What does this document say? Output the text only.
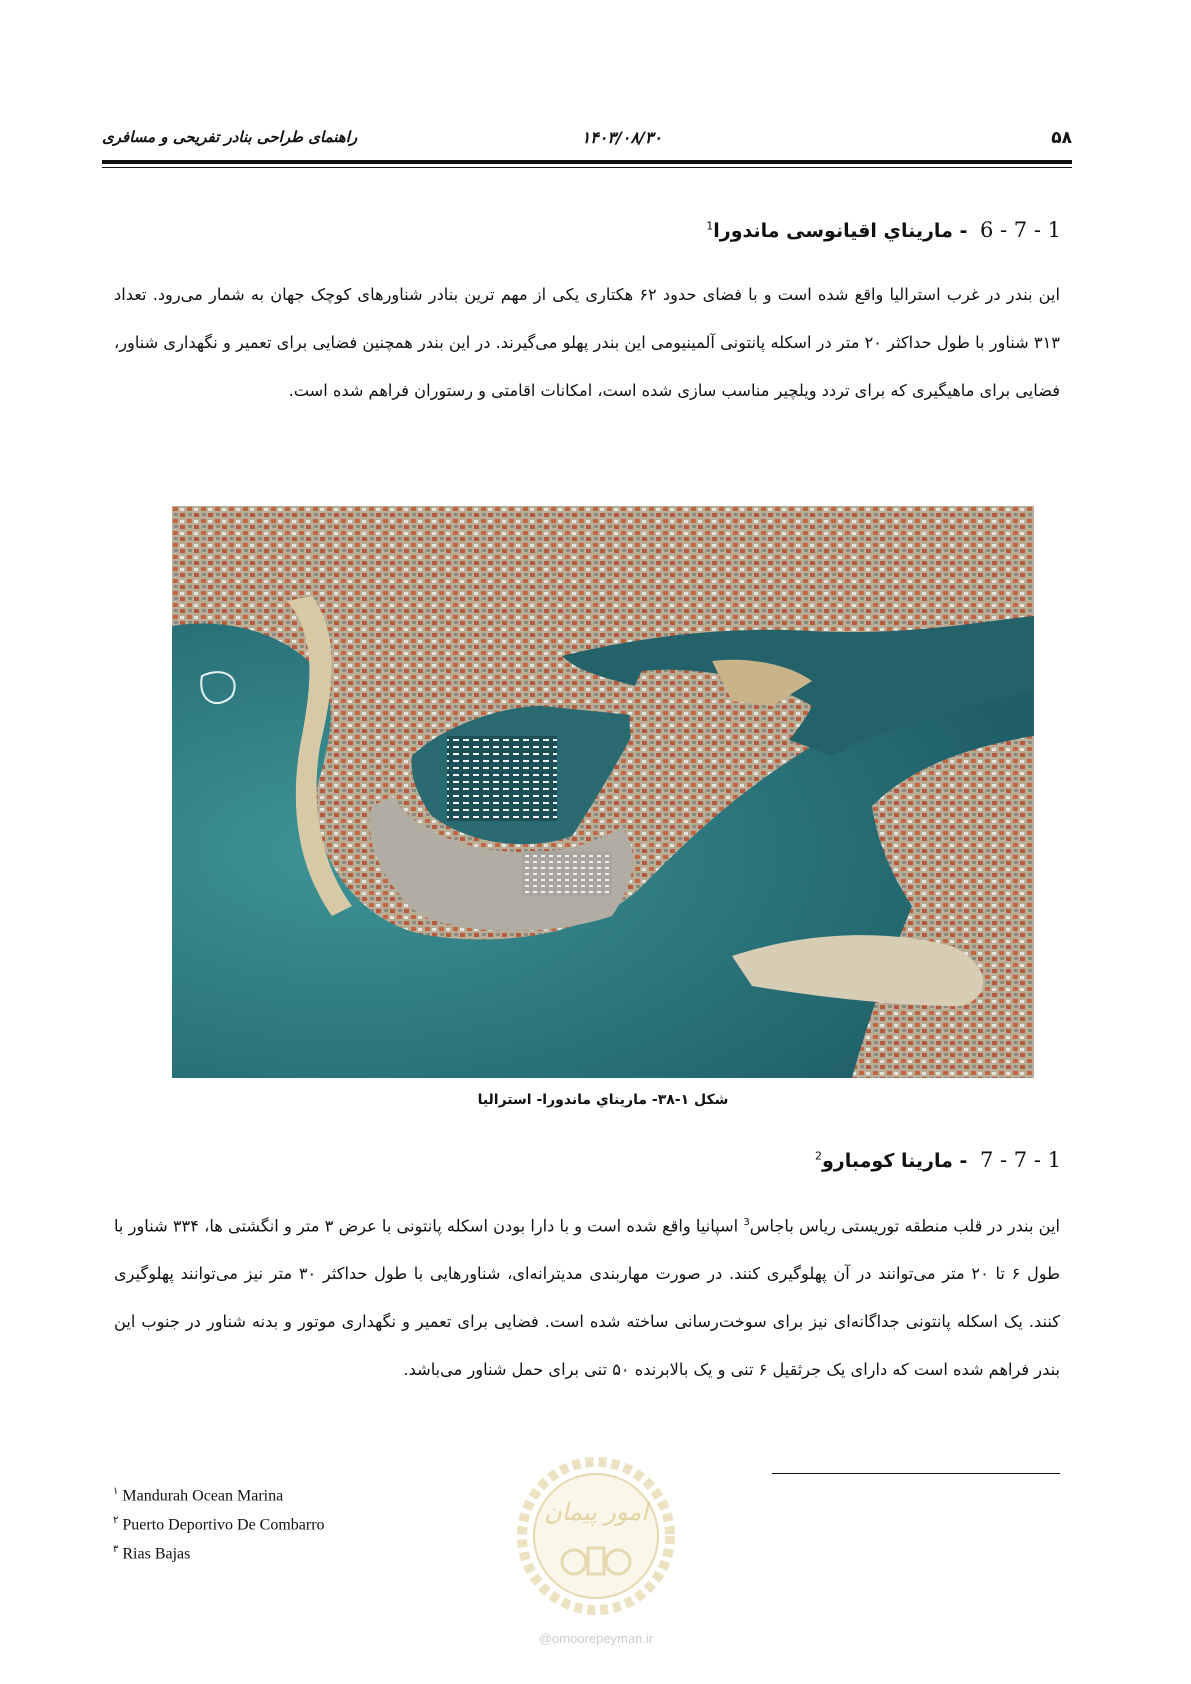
۵۸
۱۴۰۳/۰۸/۳۰
راهنمای طراحی بنادر تفریحی و مسافری
1 - 7 - 6 - ماریناي اقیانوسی ماندورا$^1$
این بندر در غرب استرالیا واقع شده است و با فضای حدود ۶۲ هکتاری یکی از مهم ترین بنادر شناورهای کوچک جهان به شمار می‌رود. تعداد ۳۱۳ شناور با طول حداکثر ۲۰ متر در اسکله پانتونی آلمینیومی این بندر پهلو می‌گیرند. در این بندر همچنین فضایی برای تعمیر و نگهداری شناور، فضایی برای ماهیگیری که برای تردد ویلچیر مناسب سازی شده است، امکانات اقامتی و رستوران فراهم شده است.
شکل ۱-۳۸- ماریناي ماندورا- استرالیا
1 - 7 - 7 - مارینا کومبارو$^2$
این بندر در قلب منطقه توریستی ریاس باجاس$^3$ اسپانیا واقع شده است و با دارا بودن اسکله پانتونی با عرض ۳ متر و انگشتی ها، ۳۳۴ شناور با طول ۶ تا ۲۰ متر می‌توانند در آن پهلوگیری کنند. در صورت مهاربندی مدیترانه‌ای، شناورهایی با طول حداکثر ۳۰ متر نیز می‌توانند پهلوگیری کنند. یک اسکله پانتونی جداگانه‌ای نیز برای سوخت‌رسانی ساخته شده است. فضایی برای تعمیر و نگهداری موتور و بدنه شناور در جنوب این بندر فراهم شده است که دارای یک جرثقیل ۶ تنی و یک بالابرنده ۵۰ تنی برای حمل شناور می‌باشد.
$^۱$ Mandurah Ocean Marina
$^۲$ Puerto Deportivo De Combarro
$^۳$ Rias Bajas
امور پیمان
@omoorepeyman.ir
